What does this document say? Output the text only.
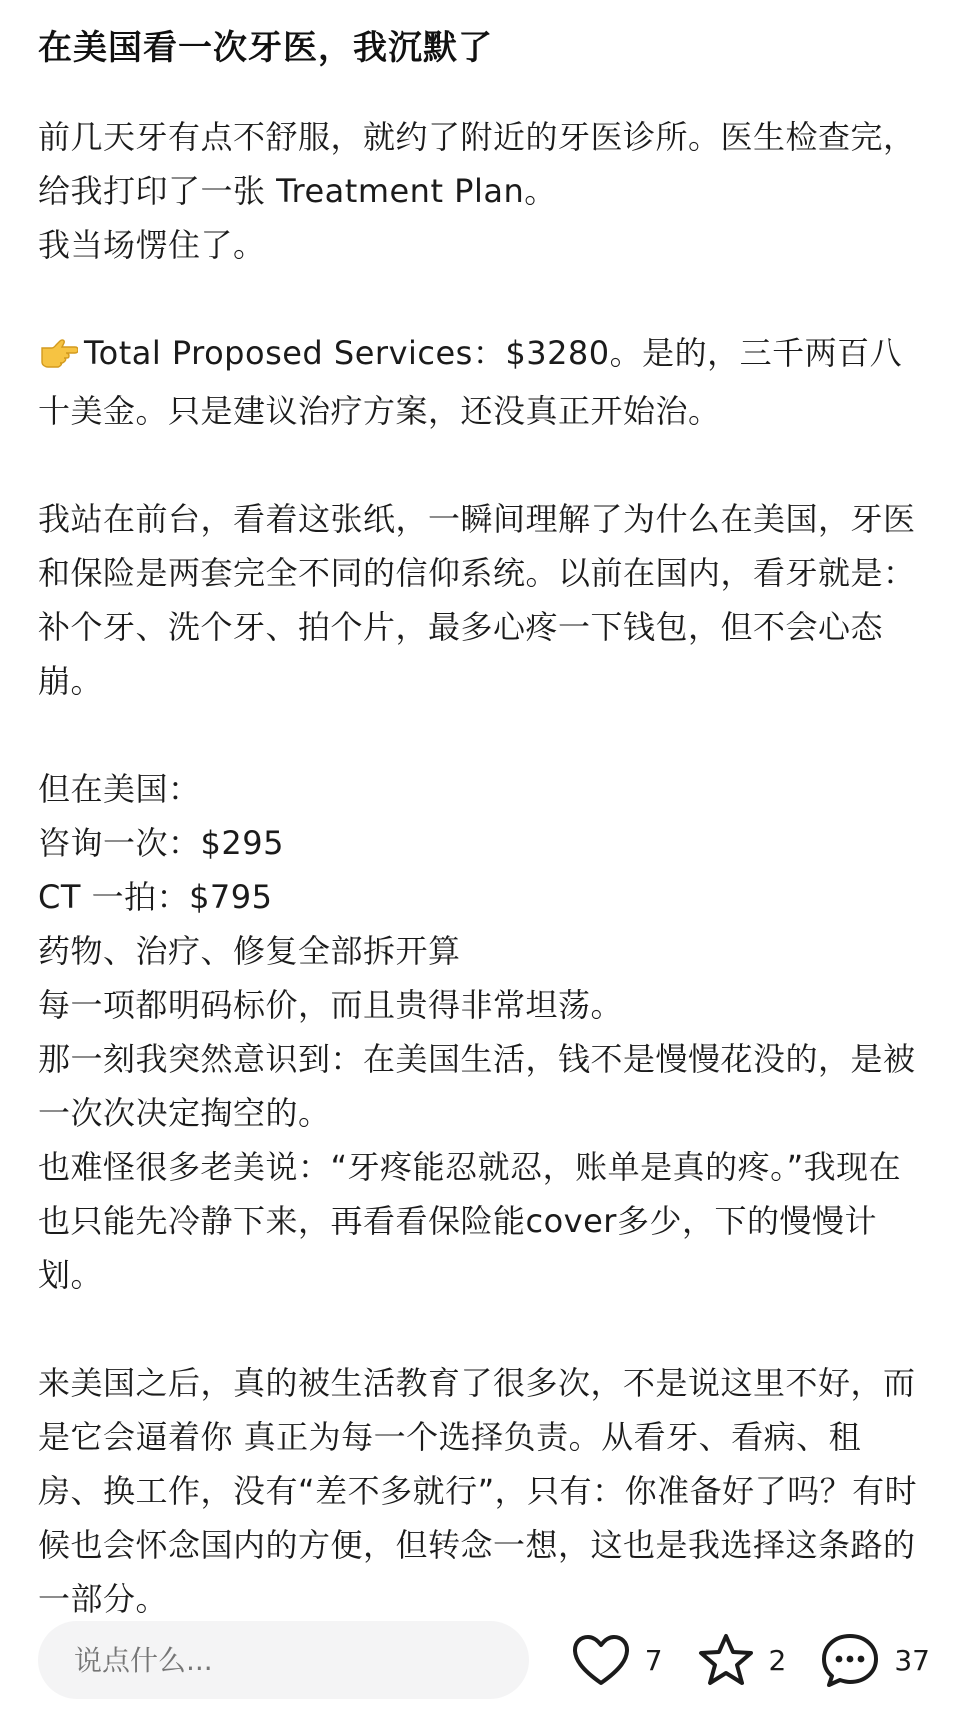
在美国看一次牙医，我沉默了

前几天牙有点不舒服，就约了附近的牙医诊所。医生检查完，给我打印了一张 Treatment Plan。
我当场愣住了。

Total Proposed Services：$3280。是的，三千两百八十美金。只是建议治疗方案，还没真正开始治。

我站在前台，看着这张纸，一瞬间理解了为什么在美国，牙医和保险是两套完全不同的信仰系统。以前在国内，看牙就是：补个牙、洗个牙、拍个片，最多心疼一下钱包，但不会心态崩。

但在美国：
咨询一次：$295
CT 一拍：$795
药物、治疗、修复全部拆开算
每一项都明码标价，而且贵得非常坦荡。
那一刻我突然意识到：在美国生活，钱不是慢慢花没的，是被一次次决定掏空的。
也难怪很多老美说：“牙疼能忍就忍，账单是真的疼。”我现在也只能先冷静下来，再看看保险能cover多少，下的慢慢计划。

来美国之后，真的被生活教育了很多次，不是说这里不好，而是它会逼着你 真正为每一个选择负责。从看牙、看病、租房、换工作，没有“差不多就行”，只有：你准备好了吗？有时候也会怀念国内的方便，但转念一想，这也是我选择这条路的一部分。

说点什么...
7	2	37
